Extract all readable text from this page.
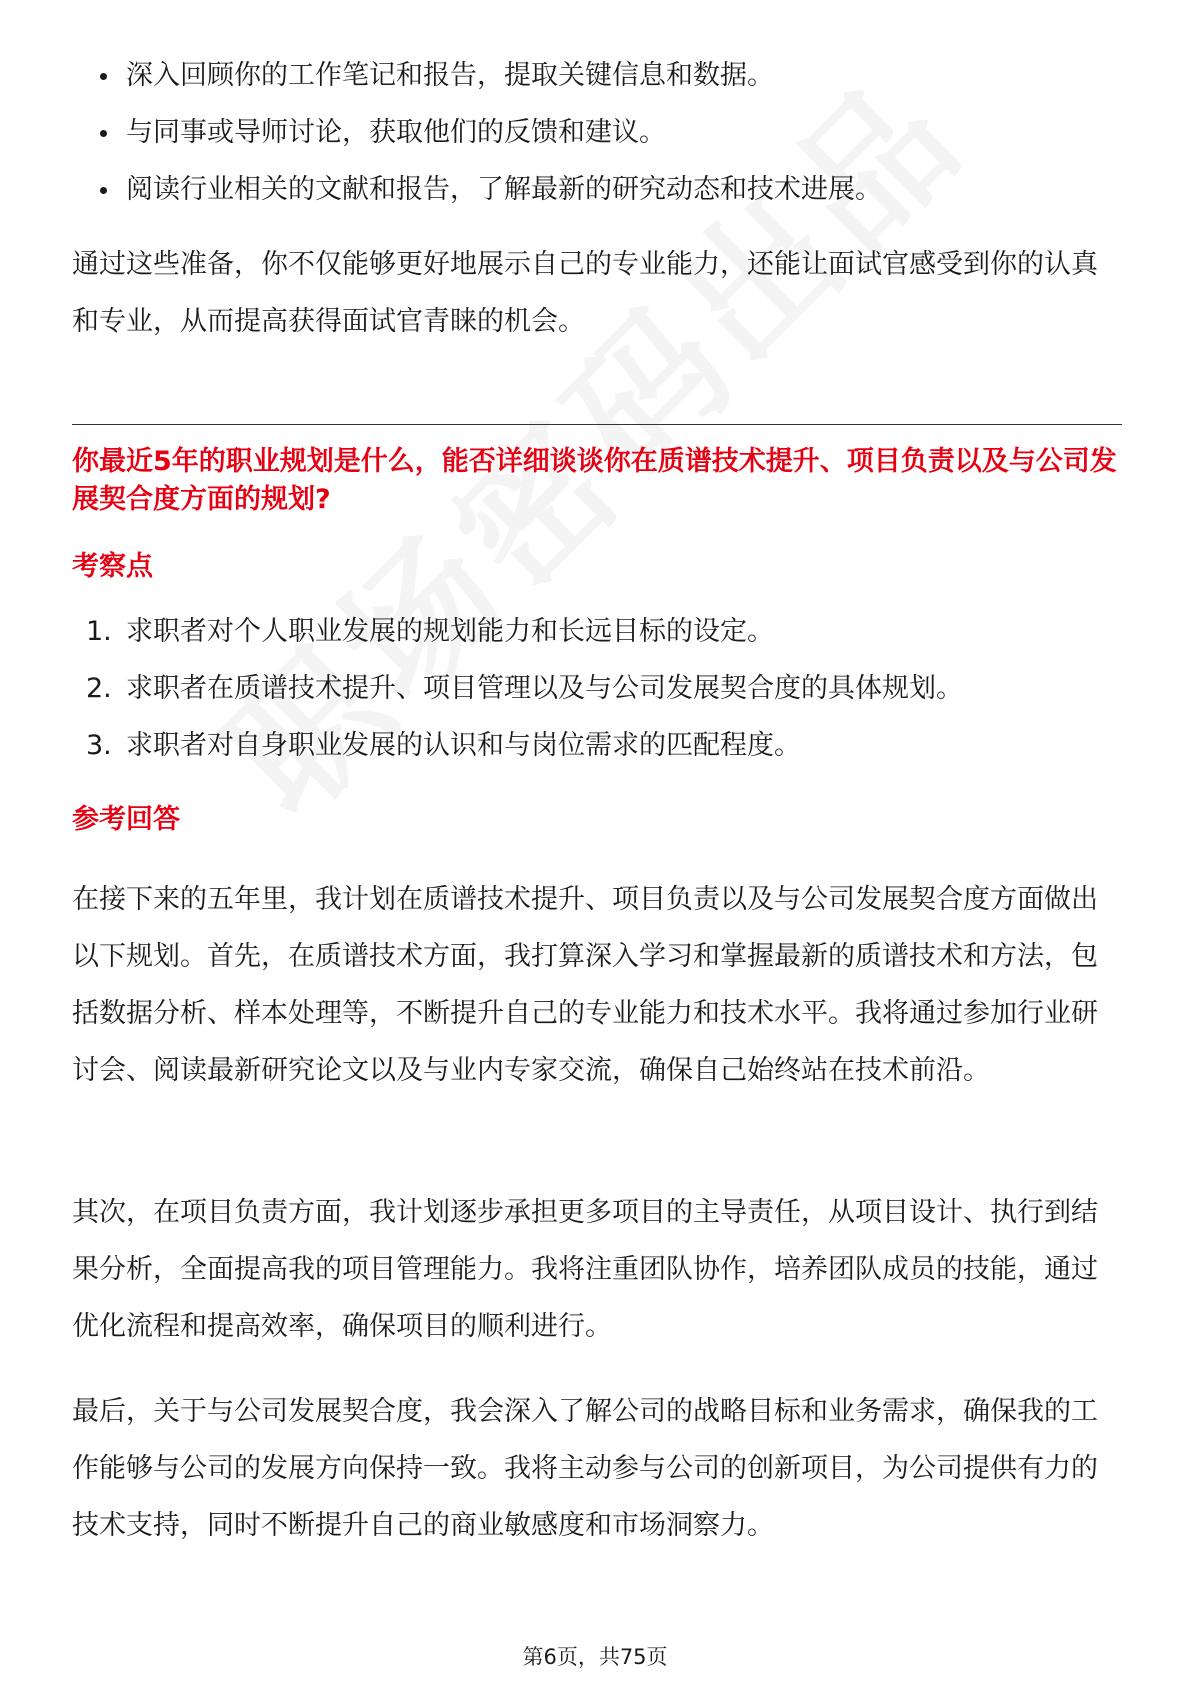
深入回顾你的工作笔记和报告，提取关键信息和数据。
与同事或导师讨论，获取他们的反馈和建议。
阅读行业相关的文献和报告，了解最新的研究动态和技术进展。

通过这些准备，你不仅能够更好地展示自己的专业能力，还能让面试官感受到你的认真和专业，从而提高获得面试官青睐的机会。

你最近5年的职业规划是什么，能否详细谈谈你在质谱技术提升、项目负责以及与公司发展契合度方面的规划?
考察点
1. 求职者对个人职业发展的规划能力和长远目标的设定。
2. 求职者在质谱技术提升、项目管理以及与公司发展契合度的具体规划。
3. 求职者对自身职业发展的认识和与岗位需求的匹配程度。
参考回答

在接下来的五年里，我计划在质谱技术提升、项目负责以及与公司发展契合度方面做出以下规划。首先，在质谱技术方面，我打算深入学习和掌握最新的质谱技术和方法，包括数据分析、样本处理等，不断提升自己的专业能力和技术水平。我将通过参加行业研讨会、阅读最新研究论文以及与业内专家交流，确保自己始终站在技术前沿。

其次，在项目负责方面，我计划逐步承担更多项目的主导责任，从项目设计、执行到结果分析，全面提高我的项目管理能力。我将注重团队协作，培养团队成员的技能，通过优化流程和提高效率，确保项目的顺利进行。

最后，关于与公司发展契合度，我会深入了解公司的战略目标和业务需求，确保我的工作能够与公司的发展方向保持一致。我将主动参与公司的创新项目，为公司提供有力的技术支持，同时不断提升自己的商业敏感度和市场洞察力。

第6页，共75页
